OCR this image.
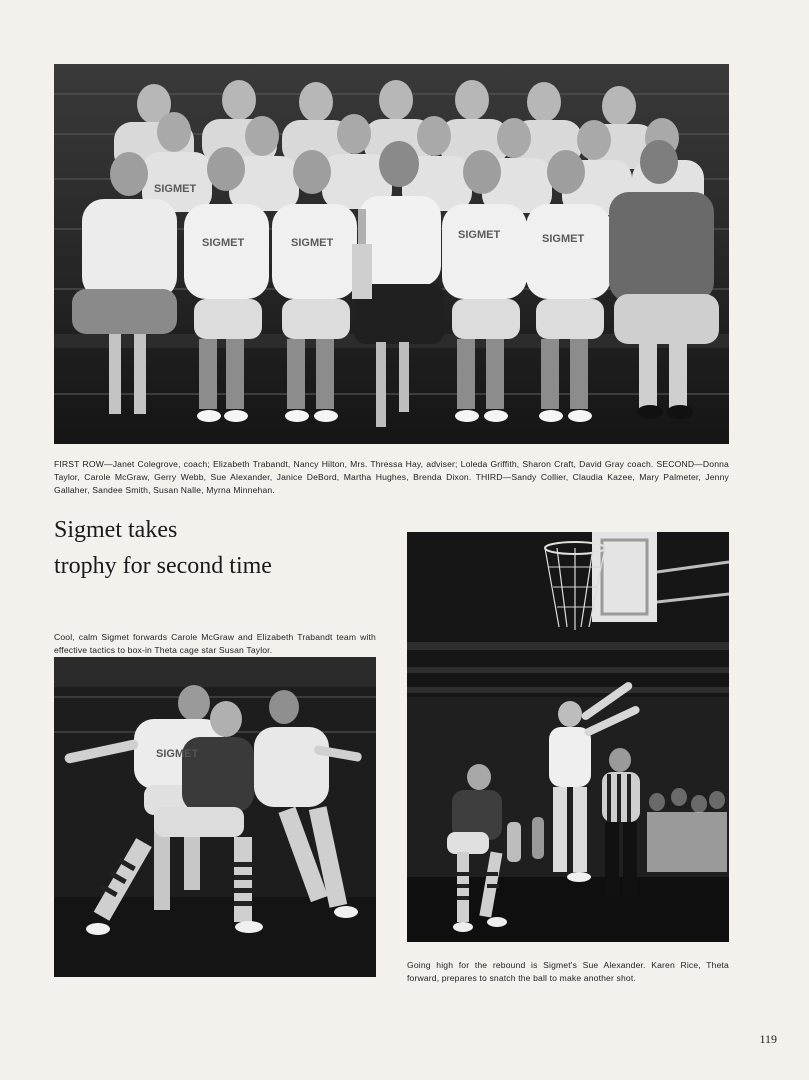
SIGMET	SIGMET
SIGMET	SIGMET
SIGMET

FIRST ROW—Janet Colegrove, coach; Elizabeth Trabandt, Nancy Hilton, Mrs. Thressa Hay, adviser; Loleda Griffith, Sharon Craft, David Gray coach. SECOND—Donna Taylor, Carole McGraw, Gerry Webb, Sue Alexander, Janice DeBord, Martha Hughes, Brenda Dixon. THIRD—Sandy Collier, Claudia Kazee, Mary Palmeter, Jenny Gallaher, Sandee Smith, Susan Nalle, Myrna Minnehan.

Sigmet takes
trophy for second time

Cool, calm Sigmet forwards Carole McGraw and Elizabeth Trabandt team with effective tactics to box-in Theta cage star Susan Taylor.

SIGMET

Going high for the rebound is Sigmet's Sue Alexander. Karen Rice, Theta forward, prepares to snatch the ball to make another shot.

119
